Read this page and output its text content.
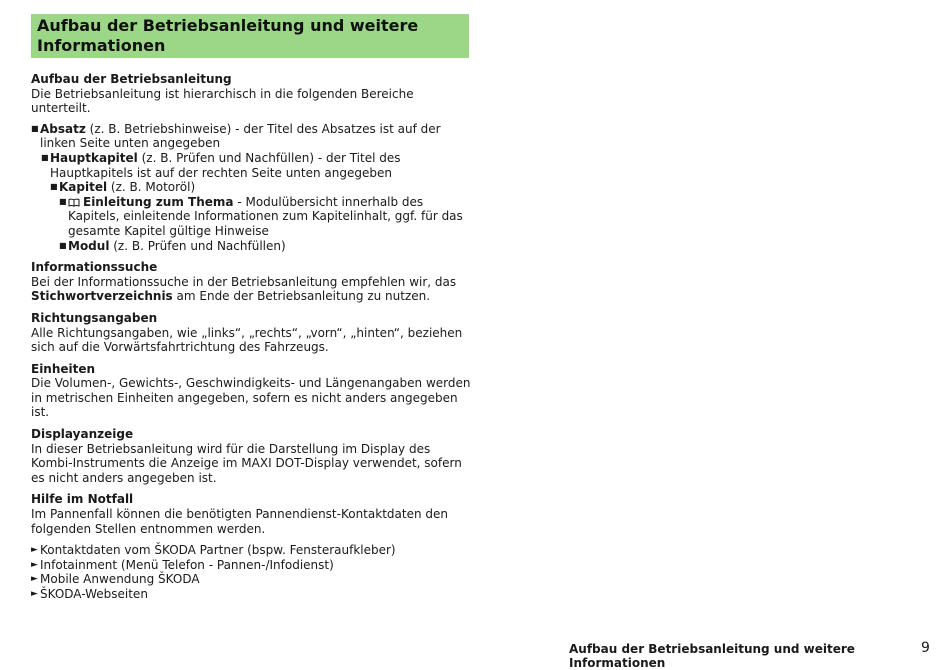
Aufbau der Betriebsanleitung und weitere
Informationen
Aufbau der Betriebsanleitung
Die Betriebsanleitung ist hierarchisch in die folgenden Bereiche unterteilt.
■ Absatz (z. B. Betriebshinweise) - der Titel des Absatzes ist auf der linken Seite unten angegeben
■ Hauptkapitel (z. B. Prüfen und Nachfüllen) - der Titel des Hauptkapitels ist auf der rechten Seite unten angegeben
■ Kapitel (z. B. Motoröl)
■ Einleitung zum Thema - Modulübersicht innerhalb des Kapitels, einleitende Informationen zum Kapitelinhalt, ggf. für das gesamte Kapitel gültige Hinweise
■ Modul (z. B. Prüfen und Nachfüllen)
Informationssuche
Bei der Informationssuche in der Betriebsanleitung empfehlen wir, das Stichwortverzeichnis am Ende der Betriebsanleitung zu nutzen.
Richtungsangaben
Alle Richtungsangaben, wie „links“, „rechts“, „vorn“, „hinten“, beziehen sich auf die Vorwärtsfahrtrichtung des Fahrzeugs.
Einheiten
Die Volumen-, Gewichts-, Geschwindigkeits- und Längenangaben werden in metrischen Einheiten angegeben, sofern es nicht anders angegeben ist.
Displayanzeige
In dieser Betriebsanleitung wird für die Darstellung im Display des Kombi-Instruments die Anzeige im MAXI DOT-Display verwendet, sofern es nicht anders angegeben ist.
Hilfe im Notfall
Im Pannenfall können die benötigten Pannendienst-Kontaktdaten den folgenden Stellen entnommen werden.
► Kontaktdaten vom ŠKODA Partner (bspw. Fensteraufkleber)
► Infotainment (Menü Telefon - Pannen-/Infodienst)
► Mobile Anwendung ŠKODA
► ŠKODA-Webseiten
Aufbau der Betriebsanleitung und weitere Informationen
9
